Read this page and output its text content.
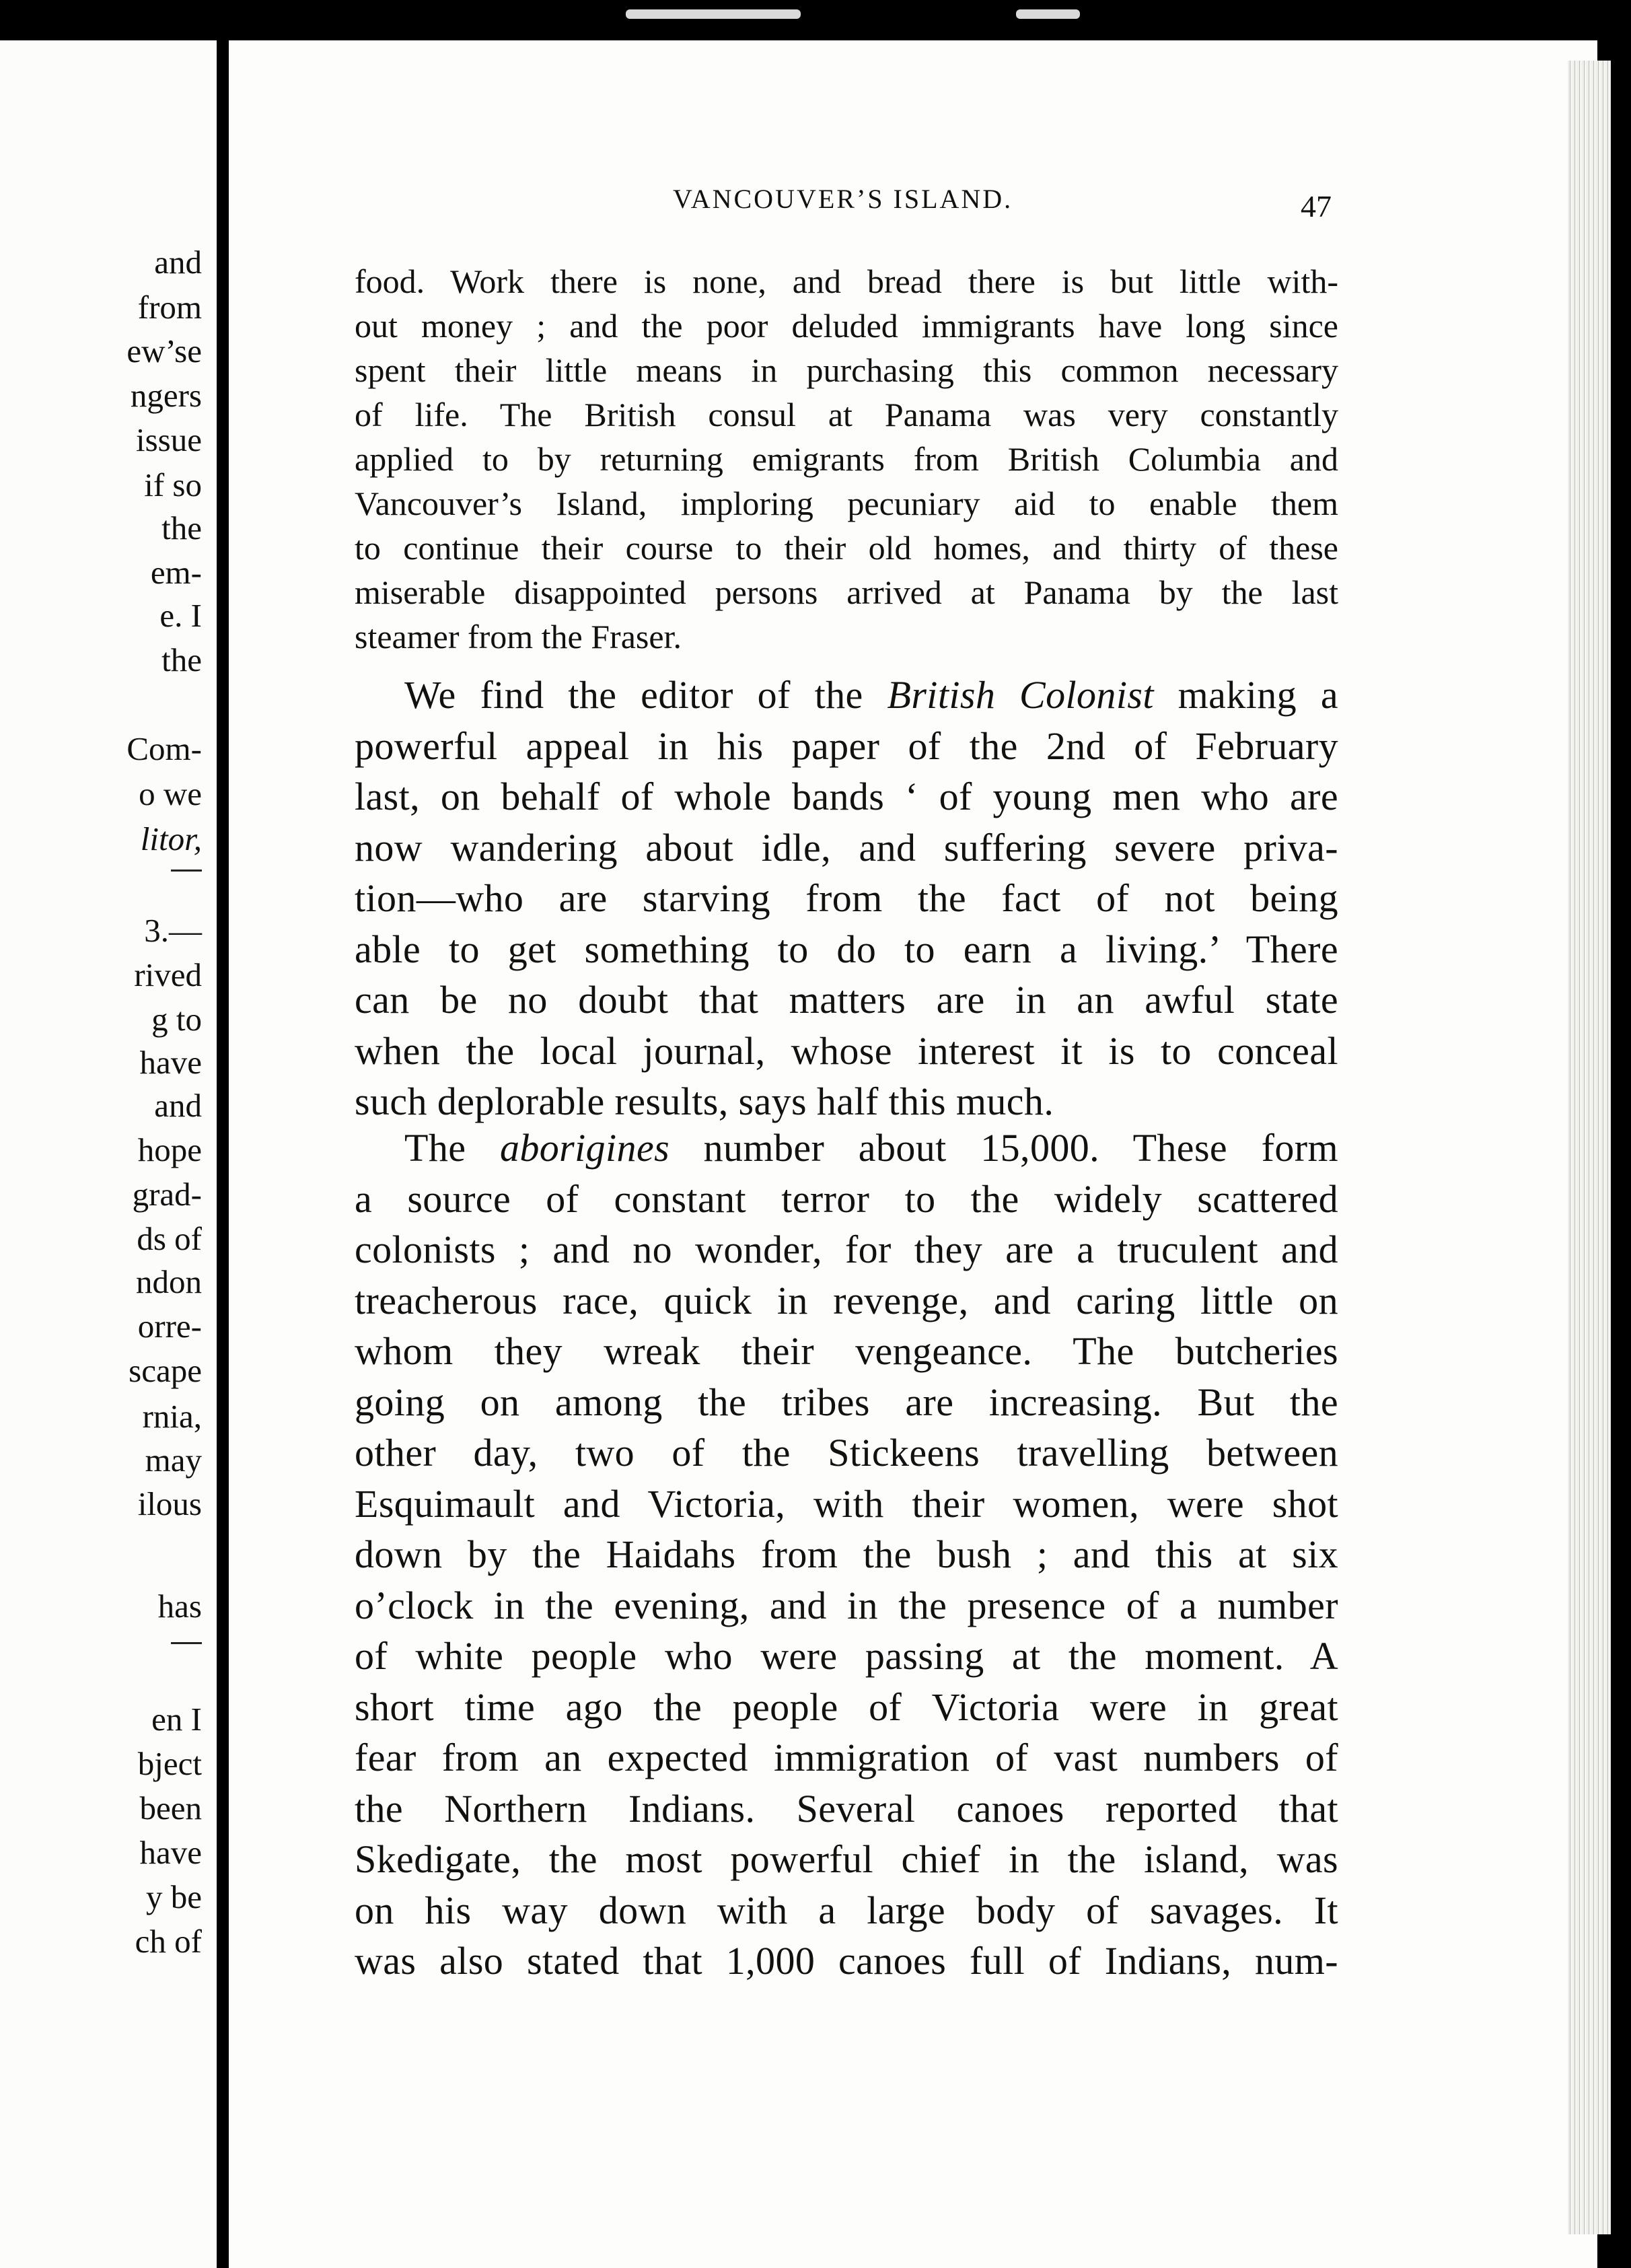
and
from
ew’se
ngers
issue
if so
the
em-
e. I
the
Com-
o we
litor,
3.—
rived
g to
have
and
hope
grad-
ds of
ndon
orre-
scape
rnia,
may
ilous
has
en I
bject
been
have
y be
ch of
VANCOUVER’S ISLAND.	47
food. Work there is none, and bread there is but little with-
out money ; and the poor deluded immigrants have long since
spent their little means in purchasing this common necessary
of life. The British consul at Panama was very constantly
applied to by returning emigrants from British Columbia and
Vancouver’s Island, imploring pecuniary aid to enable them
to continue their course to their old homes, and thirty of these
miserable disappointed persons arrived at Panama by the last
steamer from the Fraser.
We find the editor of the British Colonist making a
powerful appeal in his paper of the 2nd of February
last, on behalf of whole bands ‘ of young men who are
now wandering about idle, and suffering severe priva-
tion—who are starving from the fact of not being
able to get something to do to earn a living.’ There
can be no doubt that matters are in an awful state
when the local journal, whose interest it is to conceal
such deplorable results, says half this much.
The aborigines number about 15,000. These form
a source of constant terror to the widely scattered
colonists ; and no wonder, for they are a truculent and
treacherous race, quick in revenge, and caring little on
whom they wreak their vengeance. The butcheries
going on among the tribes are increasing. But the
other day, two of the Stickeens travelling between
Esquimault and Victoria, with their women, were shot
down by the Haidahs from the bush ; and this at six
o’clock in the evening, and in the presence of a number
of white people who were passing at the moment. A
short time ago the people of Victoria were in great
fear from an expected immigration of vast numbers of
the Northern Indians. Several canoes reported that
Skedigate, the most powerful chief in the island, was
on his way down with a large body of savages. It
was also stated that 1,000 canoes full of Indians, num-
